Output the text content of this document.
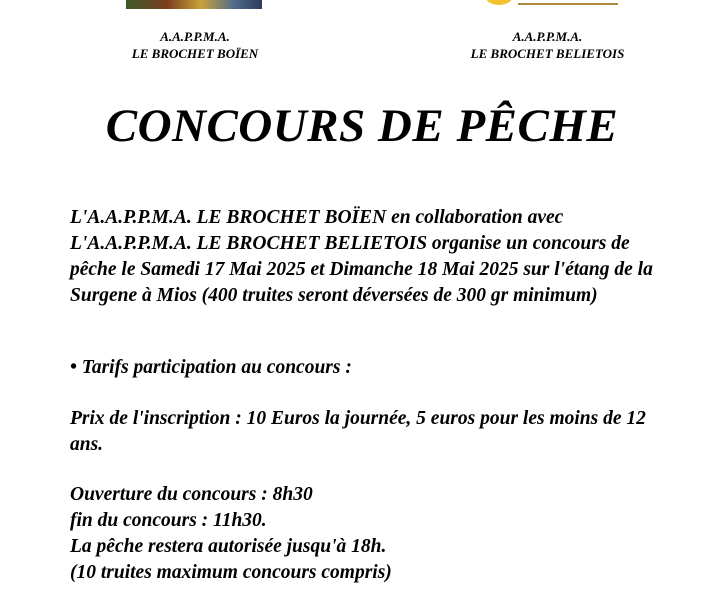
A.A.P.P.M.A.
LE BROCHET BOÏEN
A.A.P.P.M.A.
LE BROCHET BELIETOIS
CONCOURS DE PÊCHE
L'A.A.P.P.M.A. LE BROCHET BOÏEN en collaboration avec L'A.A.P.P.M.A. LE BROCHET BELIETOIS organise un concours de pêche le Samedi 17 Mai 2025 et Dimanche 18 Mai 2025 sur l'étang de la Surgene à Mios (400 truites seront déversées de 300 gr minimum)
• Tarifs participation au concours :
Prix de l'inscription : 10 Euros la journée, 5 euros pour les moins de 12 ans.
Ouverture du concours : 8h30
fin du concours : 11h30.
La pêche restera autorisée jusqu'à 18h.
(10 truites maximum concours compris)
